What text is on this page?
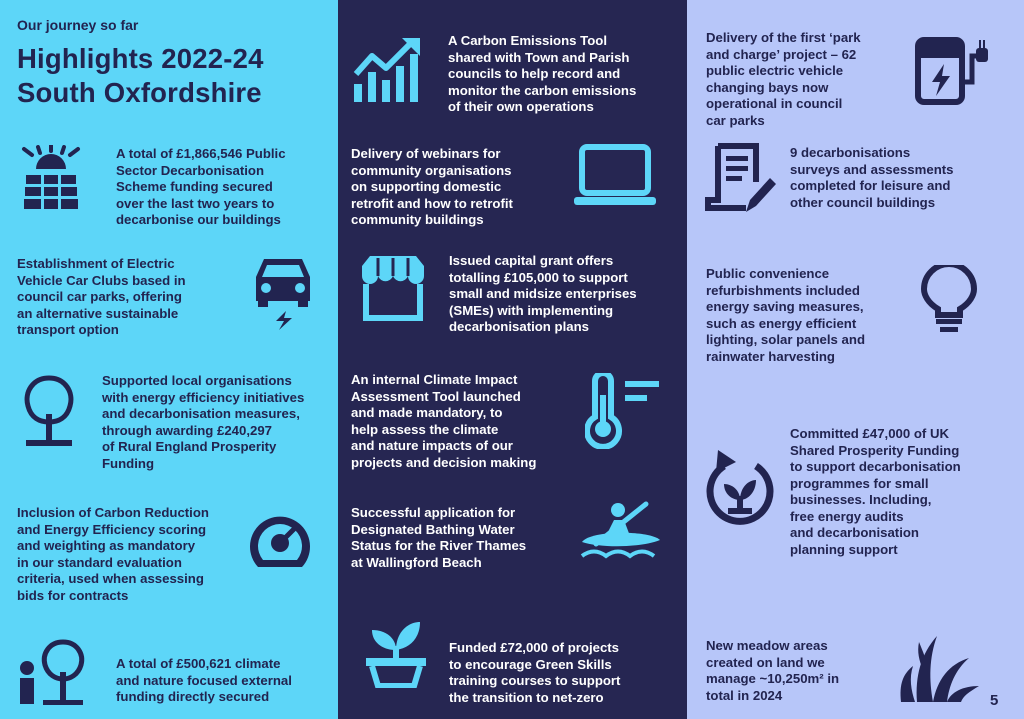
Our journey so far
Highlights 2022-24
South Oxfordshire
A total of £1,866,546 Public
Sector Decarbonisation
Scheme funding secured
over the last two years to
decarbonise our buildings
Establishment of Electric
Vehicle Car Clubs based in
council car parks, offering
an alternative sustainable
transport option
Supported local organisations
with energy efficiency initiatives
and decarbonisation measures,
through awarding £240,297
of Rural England Prosperity
Funding
Inclusion of Carbon Reduction
and Energy Efficiency scoring
and weighting as mandatory
in our standard evaluation
criteria, used when assessing
bids for contracts
A total of £500,621 climate
and nature focused external
funding directly secured
A Carbon Emissions Tool
shared with Town and Parish
councils to help record and
monitor the carbon emissions
of their own operations
Delivery of webinars for
community organisations
on supporting domestic
retrofit and how to retrofit
community buildings
Issued capital grant offers
totalling £105,000 to support
small and midsize enterprises
(SMEs) with implementing
decarbonisation plans
An internal Climate Impact
Assessment Tool launched
and made mandatory, to
help assess the climate
and nature impacts of our
projects and decision making
Successful application for
Designated Bathing Water
Status for the River Thames
at Wallingford Beach
Funded £72,000 of projects
to encourage Green Skills
training courses to support
the transition to net-zero
Delivery of the first ‘park
and charge’ project – 62
public electric vehicle
changing bays now
operational in council
car parks
9 decarbonisations
surveys and assessments
completed for leisure and
other council buildings
Public convenience
refurbishments included
energy saving measures,
such as energy efficient
lighting, solar panels and
rainwater harvesting
Committed £47,000 of UK
Shared Prosperity Funding
to support decarbonisation
programmes for small
businesses. Including,
free energy audits
and decarbonisation
planning support
New meadow areas
created on land we
manage ~10,250m² in
total in 2024	5
